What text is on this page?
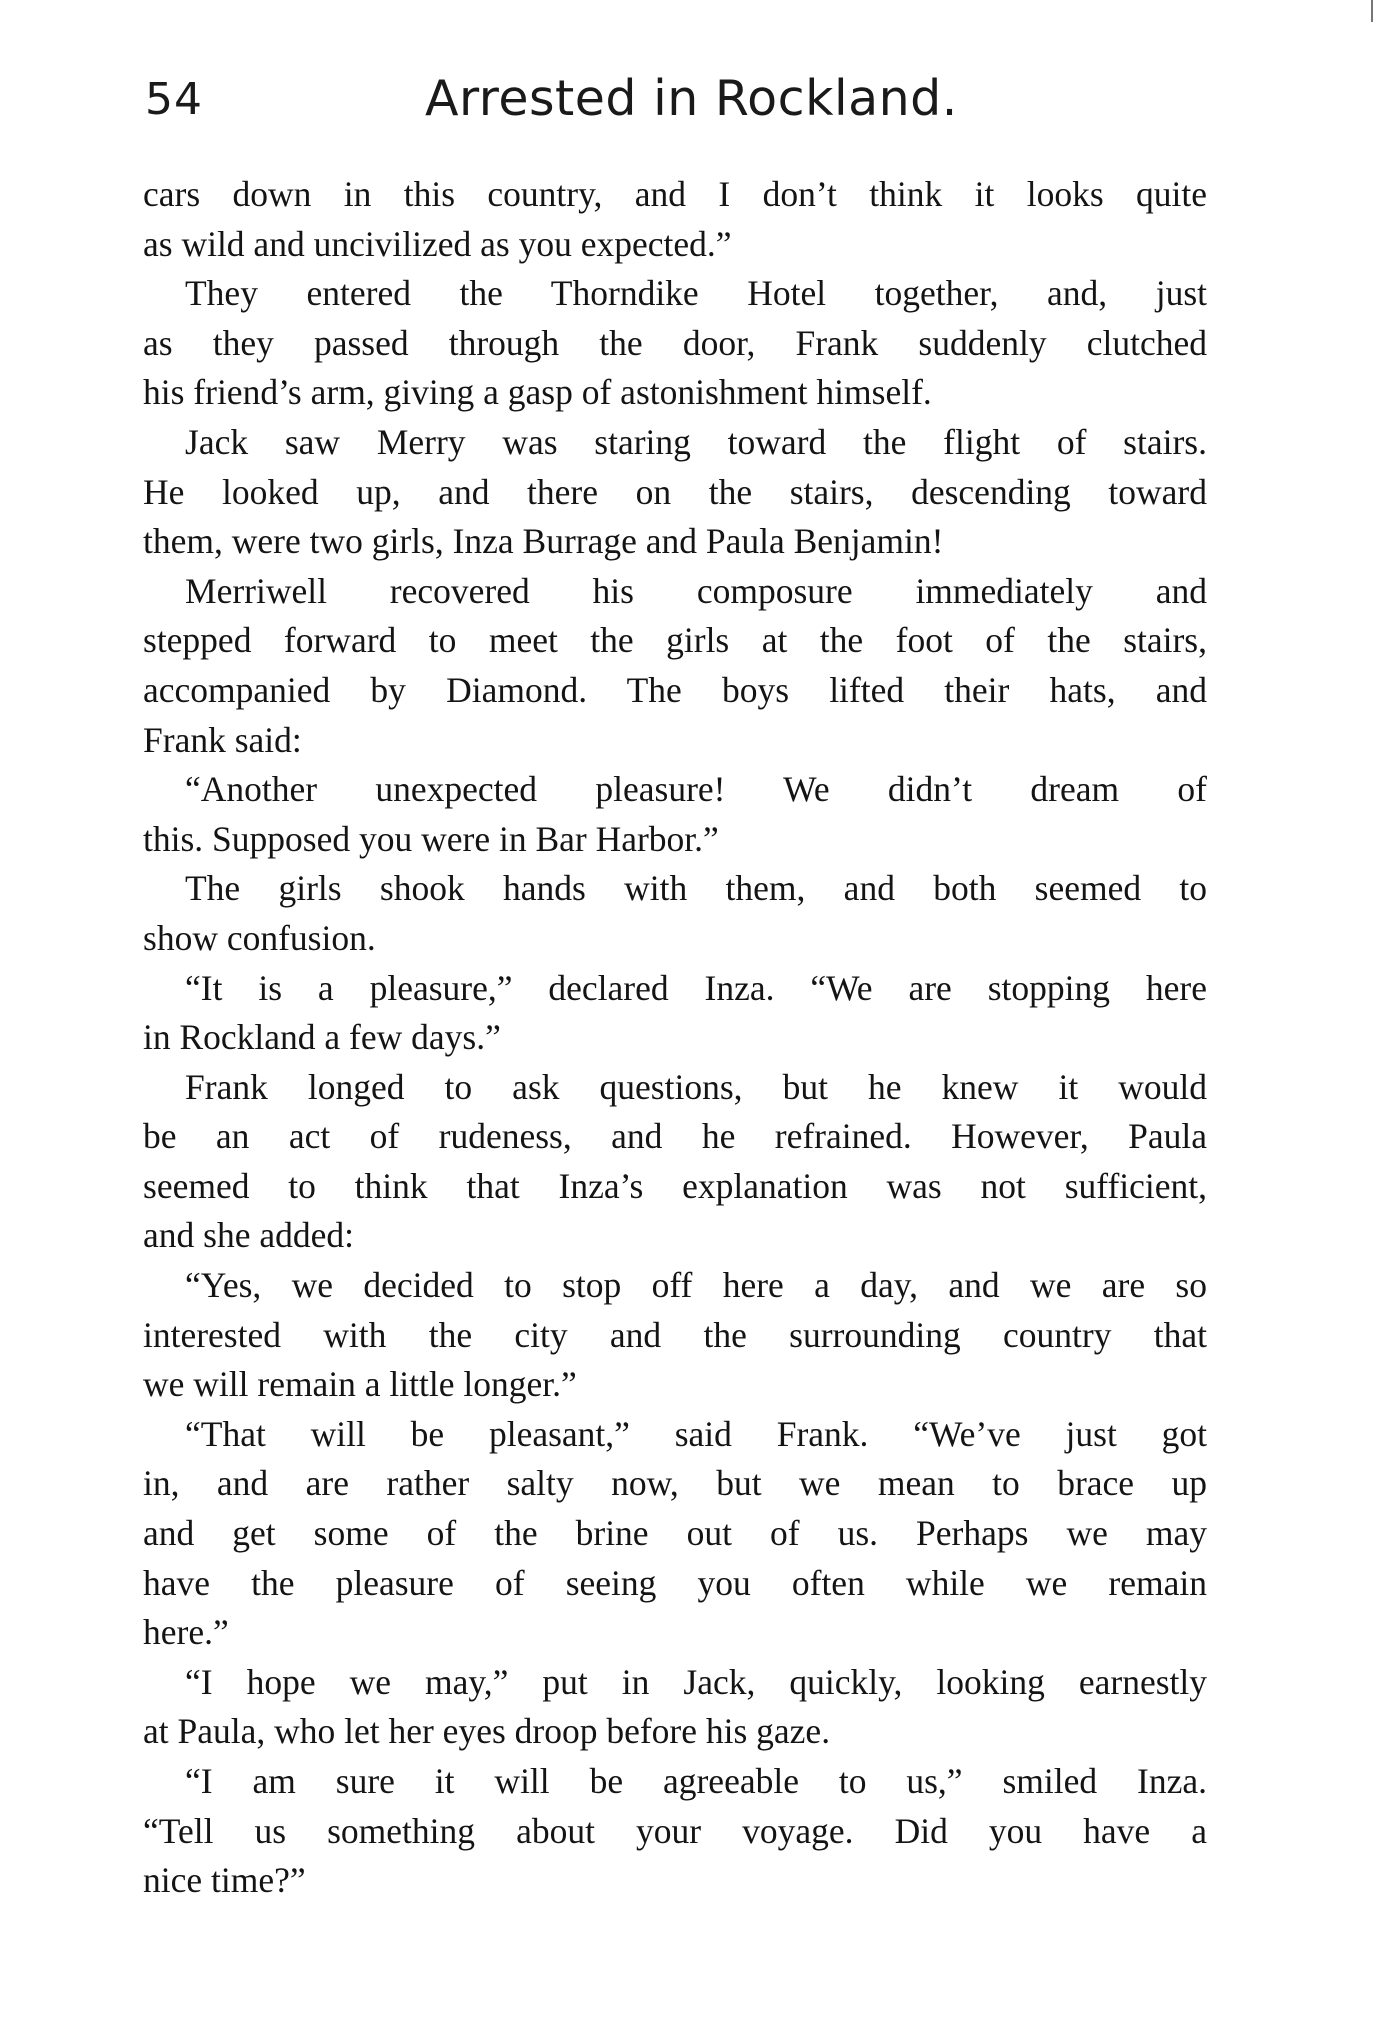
54	Arrested in Rockland.
cars down in this country, and I don’t think it looks quite
as wild and uncivilized as you expected.”
They entered the Thorndike Hotel together, and, just
as they passed through the door, Frank suddenly clutched
his friend’s arm, giving a gasp of astonishment himself.
Jack saw Merry was staring toward the flight of stairs.
He looked up, and there on the stairs, descending toward
them, were two girls, Inza Burrage and Paula Benjamin!
Merriwell recovered his composure immediately and
stepped forward to meet the girls at the foot of the stairs,
accompanied by Diamond. The boys lifted their hats, and
Frank said:
“Another unexpected pleasure! We didn’t dream of
this. Supposed you were in Bar Harbor.”
The girls shook hands with them, and both seemed to
show confusion.
“It is a pleasure,” declared Inza. “We are stopping here
in Rockland a few days.”
Frank longed to ask questions, but he knew it would
be an act of rudeness, and he refrained. However, Paula
seemed to think that Inza’s explanation was not sufficient,
and she added:
“Yes, we decided to stop off here a day, and we are so
interested with the city and the surrounding country that
we will remain a little longer.”
“That will be pleasant,” said Frank. “We’ve just got
in, and are rather salty now, but we mean to brace up
and get some of the brine out of us. Perhaps we may
have the pleasure of seeing you often while we remain
here.”
“I hope we may,” put in Jack, quickly, looking earnestly
at Paula, who let her eyes droop before his gaze.
“I am sure it will be agreeable to us,” smiled Inza.
“Tell us something about your voyage. Did you have a
nice time?”
